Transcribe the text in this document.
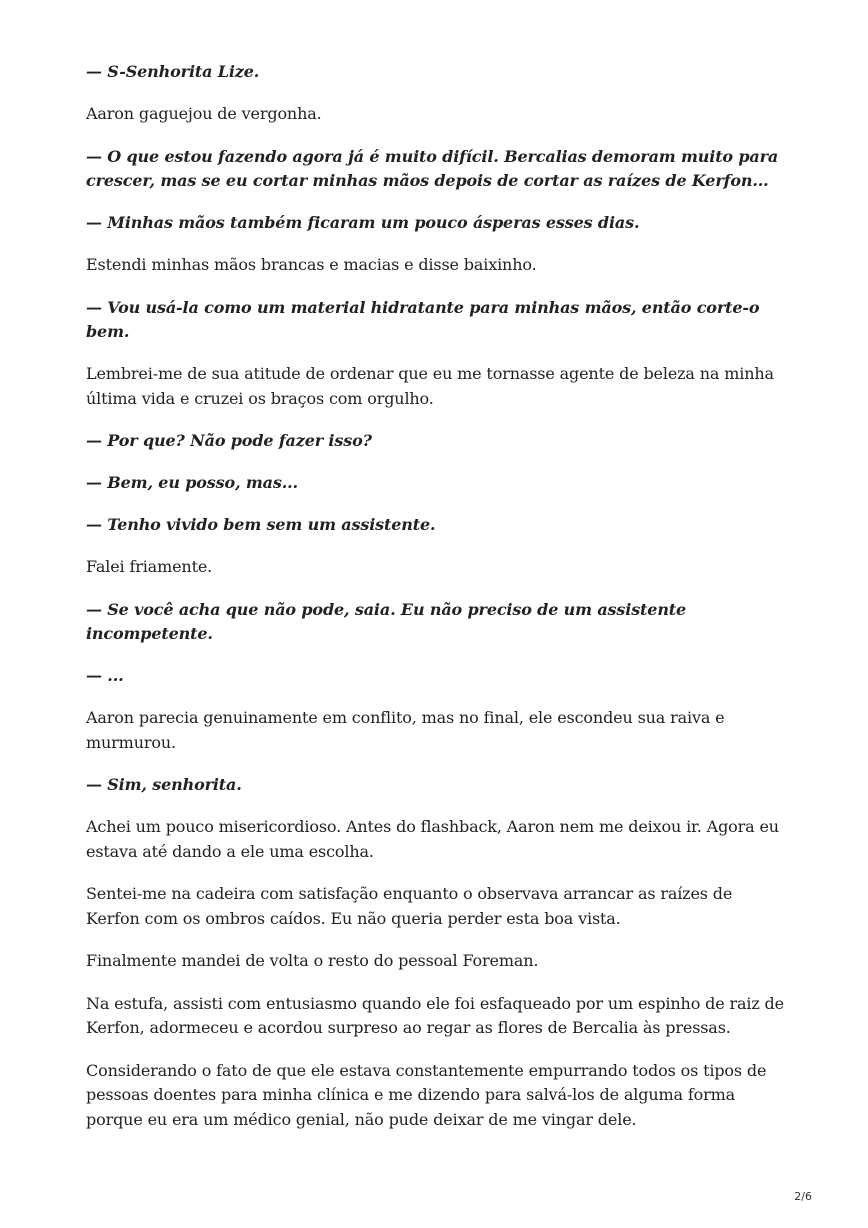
— S-Senhorita Lize.

Aaron gaguejou de vergonha.

— O que estou fazendo agora já é muito difícil. Bercalias demoram muito para crescer, mas se eu cortar minhas mãos depois de cortar as raízes de Kerfon...

— Minhas mãos também ficaram um pouco ásperas esses dias.

Estendi minhas mãos brancas e macias e disse baixinho.

— Vou usá-la como um material hidratante para minhas mãos, então corte-o bem.

Lembrei-me de sua atitude de ordenar que eu me tornasse agente de beleza na minha última vida e cruzei os braços com orgulho.

— Por que? Não pode fazer isso?

— Bem, eu posso, mas...

— Tenho vivido bem sem um assistente.

Falei friamente.

— Se você acha que não pode, saia. Eu não preciso de um assistente incompetente.

— ...

Aaron parecia genuinamente em conflito, mas no final, ele escondeu sua raiva e murmurou.

— Sim, senhorita.

Achei um pouco misericordioso. Antes do flashback, Aaron nem me deixou ir. Agora eu estava até dando a ele uma escolha.

Sentei-me na cadeira com satisfação enquanto o observava arrancar as raízes de Kerfon com os ombros caídos. Eu não queria perder esta boa vista.

Finalmente mandei de volta o resto do pessoal Foreman.

Na estufa, assisti com entusiasmo quando ele foi esfaqueado por um espinho de raiz de Kerfon, adormeceu e acordou surpreso ao regar as flores de Bercalia às pressas.

Considerando o fato de que ele estava constantemente empurrando todos os tipos de pessoas doentes para minha clínica e me dizendo para salvá-los de alguma forma porque eu era um médico genial, não pude deixar de me vingar dele.

2/6
